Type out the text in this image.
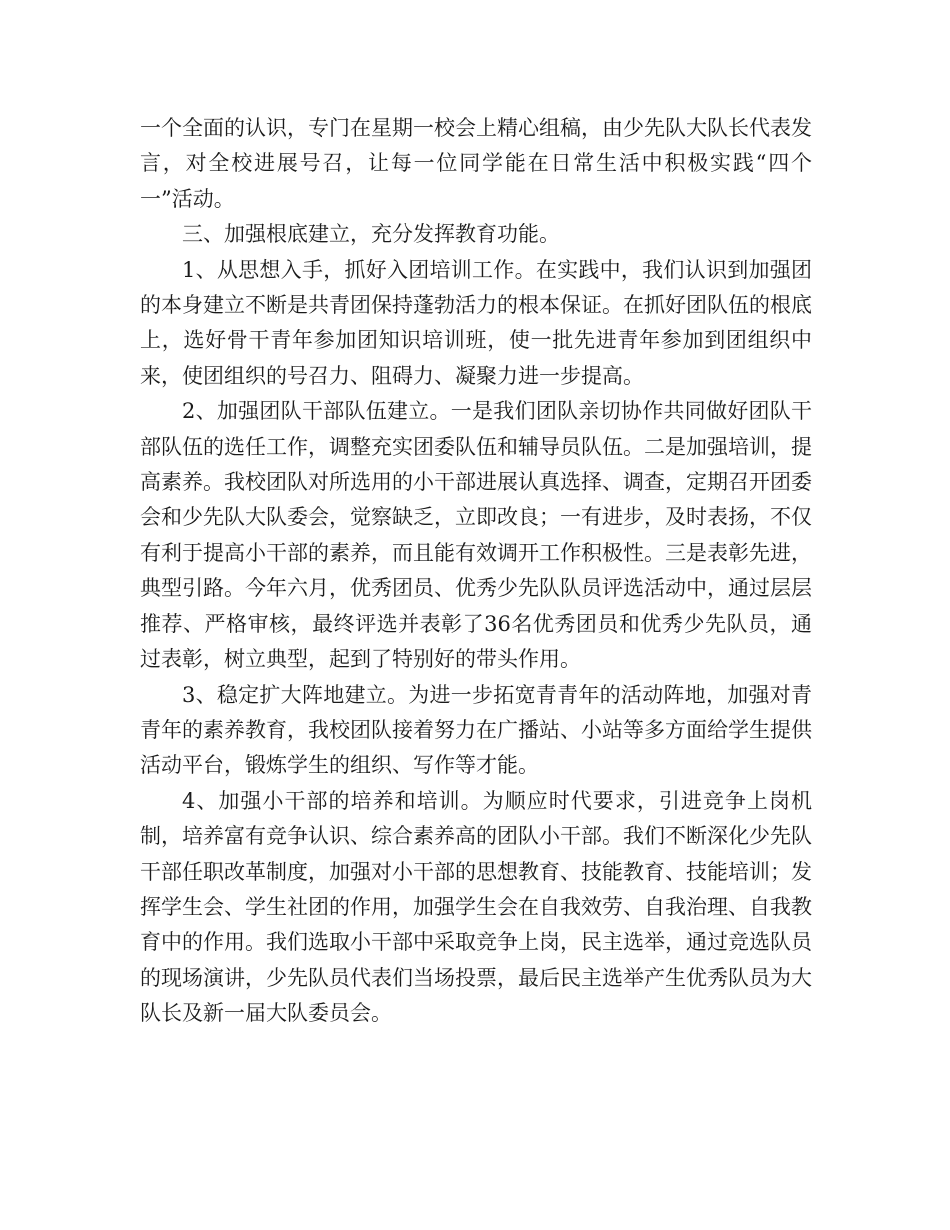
一个全面的认识，专门在星期一校会上精心组稿，由少先队大队长代表发言，对全校进展号召，让每一位同学能在日常生活中积极实践“四个一”活动。

三、加强根底建立，充分发挥教育功能。

1、从思想入手，抓好入团培训工作。在实践中，我们认识到加强团的本身建立不断是共青团保持蓬勃活力的根本保证。在抓好团队伍的根底上，选好骨干青年参加团知识培训班，使一批先进青年参加到团组织中来，使团组织的号召力、阻碍力、凝聚力进一步提高。

2、加强团队干部队伍建立。一是我们团队亲切协作共同做好团队干部队伍的选任工作，调整充实团委队伍和辅导员队伍。二是加强培训，提高素养。我校团队对所选用的小干部进展认真选择、调查，定期召开团委会和少先队大队委会，觉察缺乏，立即改良；一有进步，及时表扬，不仅有利于提高小干部的素养，而且能有效调开工作积极性。三是表彰先进，典型引路。今年六月，优秀团员、优秀少先队队员评选活动中，通过层层推荐、严格审核，最终评选并表彰了36名优秀团员和优秀少先队员，通过表彰，树立典型，起到了特别好的带头作用。

3、稳定扩大阵地建立。为进一步拓宽青青年的活动阵地，加强对青青年的素养教育，我校团队接着努力在广播站、小站等多方面给学生提供活动平台，锻炼学生的组织、写作等才能。

4、加强小干部的培养和培训。为顺应时代要求，引进竞争上岗机制，培养富有竞争认识、综合素养高的团队小干部。我们不断深化少先队干部任职改革制度，加强对小干部的思想教育、技能教育、技能培训；发挥学生会、学生社团的作用，加强学生会在自我效劳、自我治理、自我教育中的作用。我们选取小干部中采取竞争上岗，民主选举，通过竞选队员的现场演讲，少先队员代表们当场投票，最后民主选举产生优秀队员为大队长及新一届大队委员会。
